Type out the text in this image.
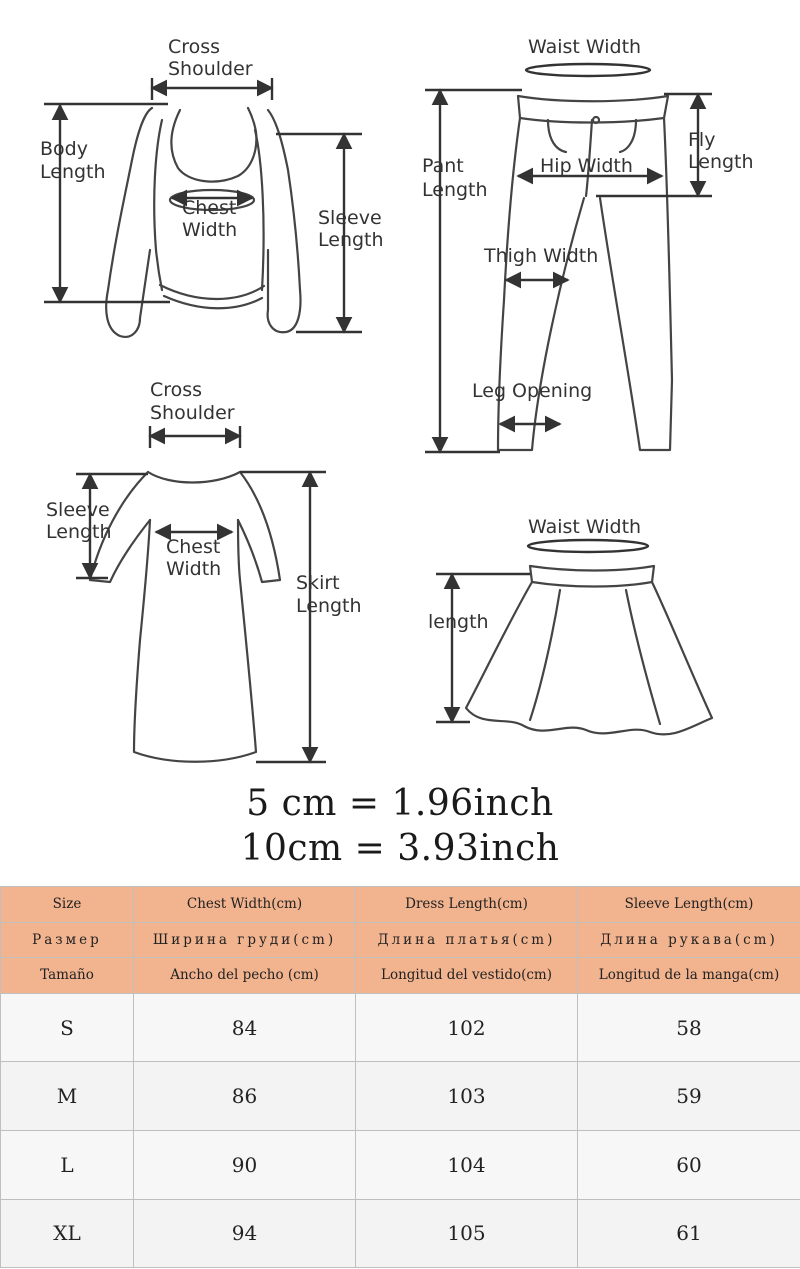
Cross
Shoulder
Body
Length
Chest
Width
Sleeve
Length
Waist Width
Pant
Length
Hip Width
Fly
Length
Thigh Width
Leg Opening
Cross
Shoulder
Sleeve
Length
Chest
Width
Skirt
Length
Waist Width
length
5 cm = 1.96inch
10cm = 3.93inch
Size	Chest Width(cm)	Dress Length(cm)	Sleeve Length(cm)
Размер	Ширина груди(cm)	Длина платья(cm)	Длина рукава(cm)
Tamaño	Ancho del pecho (cm)	Longitud del vestido(cm)	Longitud de la manga(cm)
S	84	102	58
M	86	103	59
L	90	104	60
XL	94	105	61
